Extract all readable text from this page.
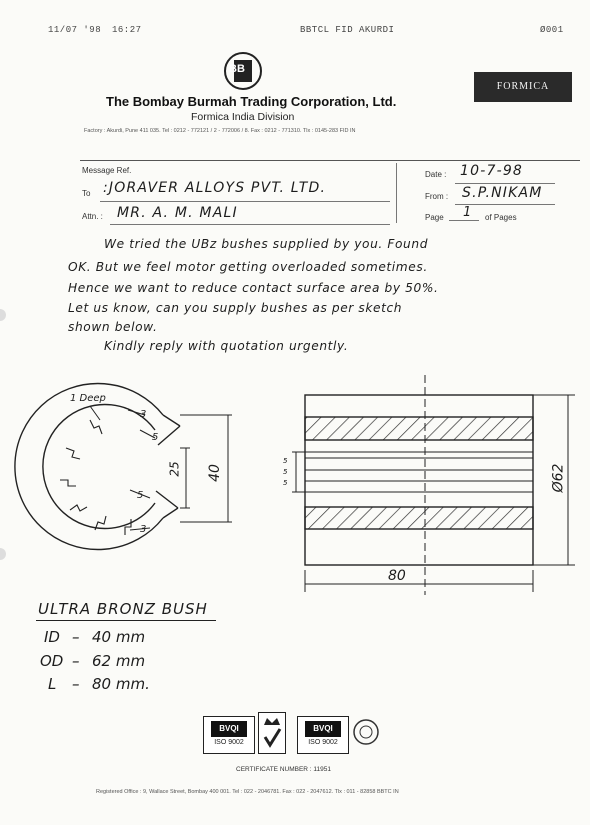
11/07 '98 16:27	BBTCL FID AKURDI	Ø001
BB
The Bombay Burmah Trading Corporation, Ltd.
Formica India Division
Factory : Akurdi, Pune 411 035. Tel : 0212 - 772121 / 2 - 772006 / 8. Fax : 0212 - 771310. Tlx : 0145-283 FID IN
FORMICA
Message Ref.
To :JORAVER ALLOYS PVT. LTD.
Attn. : MR. A. M. MALI
Date : 10-7-98
From : S.P.NIKAM
Page 1 of Pages
We tried the UBz bushes supplied by you. Found
OK. But we feel motor getting overloaded sometimes.
Hence we want to reduce contact surface area by 50%.
Let us know, can you supply bushes as per sketch
shown below.
Kindly reply with quotation urgently.
1 Deep
3
5
5
3
25 40
80
Ø62
5
5
5
ULTRA BRONZ BUSH
ID – 40 mm
OD – 62 mm
L – 80 mm.
BVQI
ISO 9002
BVQI
ISO 9002
CERTIFICATE NUMBER : 11951
Registered Office : 9, Wallace Street, Bombay 400 001. Tel : 022 - 2046781. Fax : 022 - 2047612. Tlx : 011 - 82858 BBTC IN
